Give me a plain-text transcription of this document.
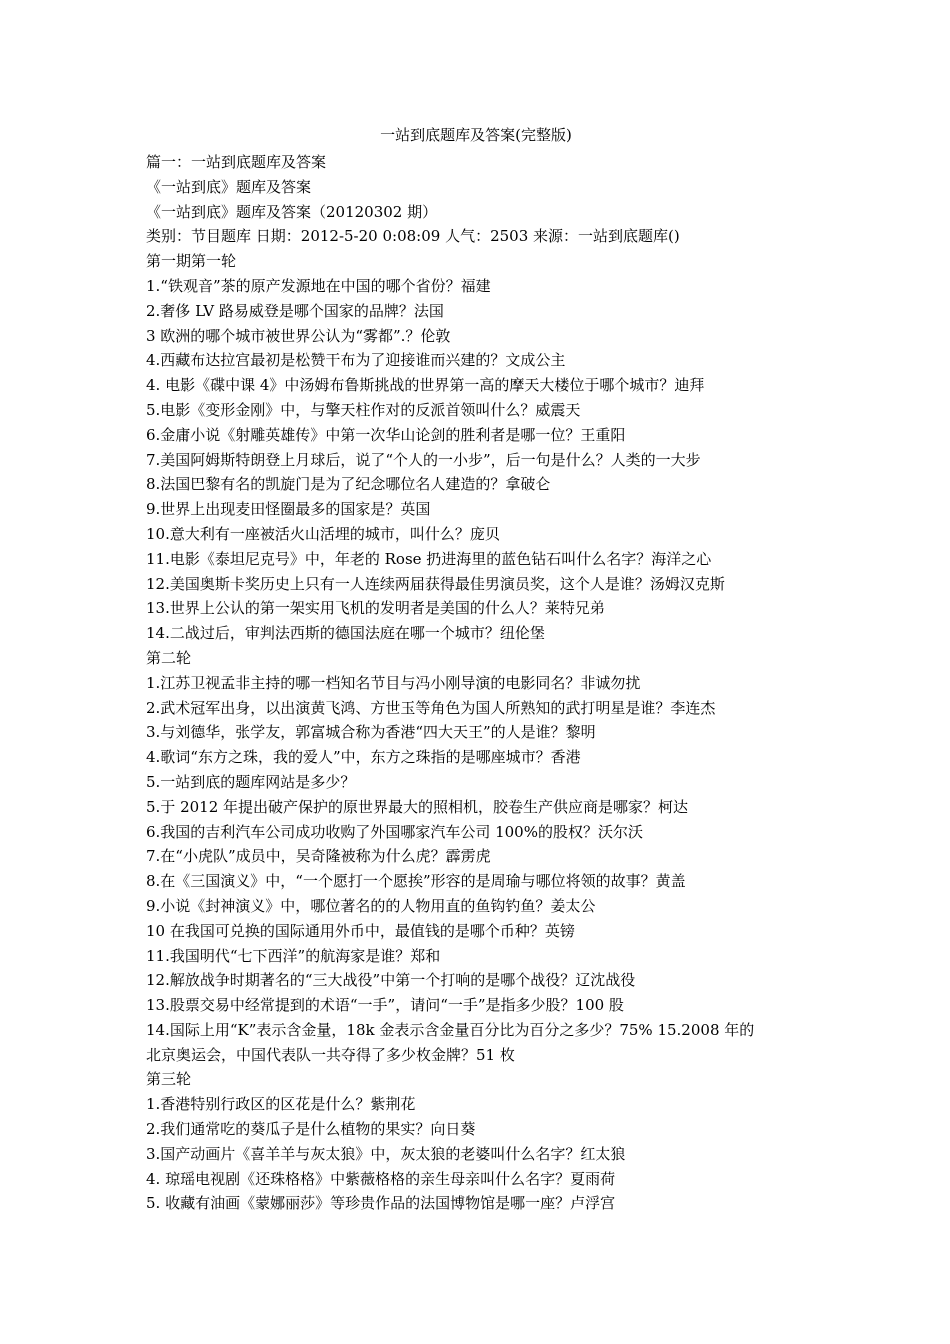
一站到底题库及答案(完整版)
篇一：一站到底题库及答案
《一站到底》题库及答案
《一站到底》题库及答案（20120302 期）
类别：节目题库 日期：2012-5-20 0:08:09 人气：2503 来源：一站到底题库()
第一期第一轮
1.“铁观音”茶的原产发源地在中国的哪个省份？福建
2.奢侈 LV 路易威登是哪个国家的品牌？法国
3 欧洲的哪个城市被世界公认为“雾都”.？伦敦
4.西藏布达拉宫最初是松赞干布为了迎接谁而兴建的？文成公主
4. 电影《碟中课 4》中汤姆布鲁斯挑战的世界第一高的摩天大楼位于哪个城市？迪拜
5.电影《变形金刚》中，与擎天柱作对的反派首领叫什么？威震天
6.金庸小说《射雕英雄传》中第一次华山论剑的胜利者是哪一位？王重阳
7.美国阿姆斯特朗登上月球后，说了“个人的一小步”，后一句是什么？人类的一大步
8.法国巴黎有名的凯旋门是为了纪念哪位名人建造的？拿破仑
9.世界上出现麦田怪圈最多的国家是？英国
10.意大利有一座被活火山活埋的城市，叫什么？庞贝
11.电影《泰坦尼克号》中，年老的 Rose 扔进海里的蓝色钻石叫什么名字？海洋之心
12.美国奥斯卡奖历史上只有一人连续两届获得最佳男演员奖，这个人是谁？汤姆汉克斯
13.世界上公认的第一架实用飞机的发明者是美国的什么人？莱特兄弟
14.二战过后，审判法西斯的德国法庭在哪一个城市？纽伦堡
第二轮
1.江苏卫视孟非主持的哪一档知名节目与冯小刚导演的电影同名？非诚勿扰
2.武术冠军出身，以出演黄飞鸿、方世玉等角色为国人所熟知的武打明星是谁？李连杰
3.与刘德华，张学友，郭富城合称为香港“四大天王”的人是谁？黎明
4.歌词“东方之珠，我的爱人”中，东方之珠指的是哪座城市？香港
5.一站到底的题库网站是多少？
5.于 2012 年提出破产保护的原世界最大的照相机，胶卷生产供应商是哪家？柯达
6.我国的吉利汽车公司成功收购了外国哪家汽车公司 100%的股权？沃尔沃
7.在“小虎队”成员中，吴奇隆被称为什么虎？霹雳虎
8.在《三国演义》中，“一个愿打一个愿挨”形容的是周瑜与哪位将领的故事？黄盖
9.小说《封神演义》中，哪位著名的的人物用直的鱼钩钓鱼？姜太公
10 在我国可兑换的国际通用外币中，最值钱的是哪个币种？英镑
11.我国明代“七下西洋”的航海家是谁？郑和
12.解放战争时期著名的“三大战役”中第一个打响的是哪个战役？辽沈战役
13.股票交易中经常提到的术语“一手”，请问“一手”是指多少股？100 股
14.国际上用“K”表示含金量，18k 金表示含金量百分比为百分之多少？75% 15.2008 年的
北京奥运会，中国代表队一共夺得了多少枚金牌？51 枚
第三轮
1.香港特别行政区的区花是什么？紫荆花
2.我们通常吃的葵瓜子是什么植物的果实？向日葵
3.国产动画片《喜羊羊与灰太狼》中，灰太狼的老婆叫什么名字？红太狼
4. 琼瑶电视剧《还珠格格》中紫薇格格的亲生母亲叫什么名字？夏雨荷
5. 收藏有油画《蒙娜丽莎》等珍贵作品的法国博物馆是哪一座？卢浮宫
